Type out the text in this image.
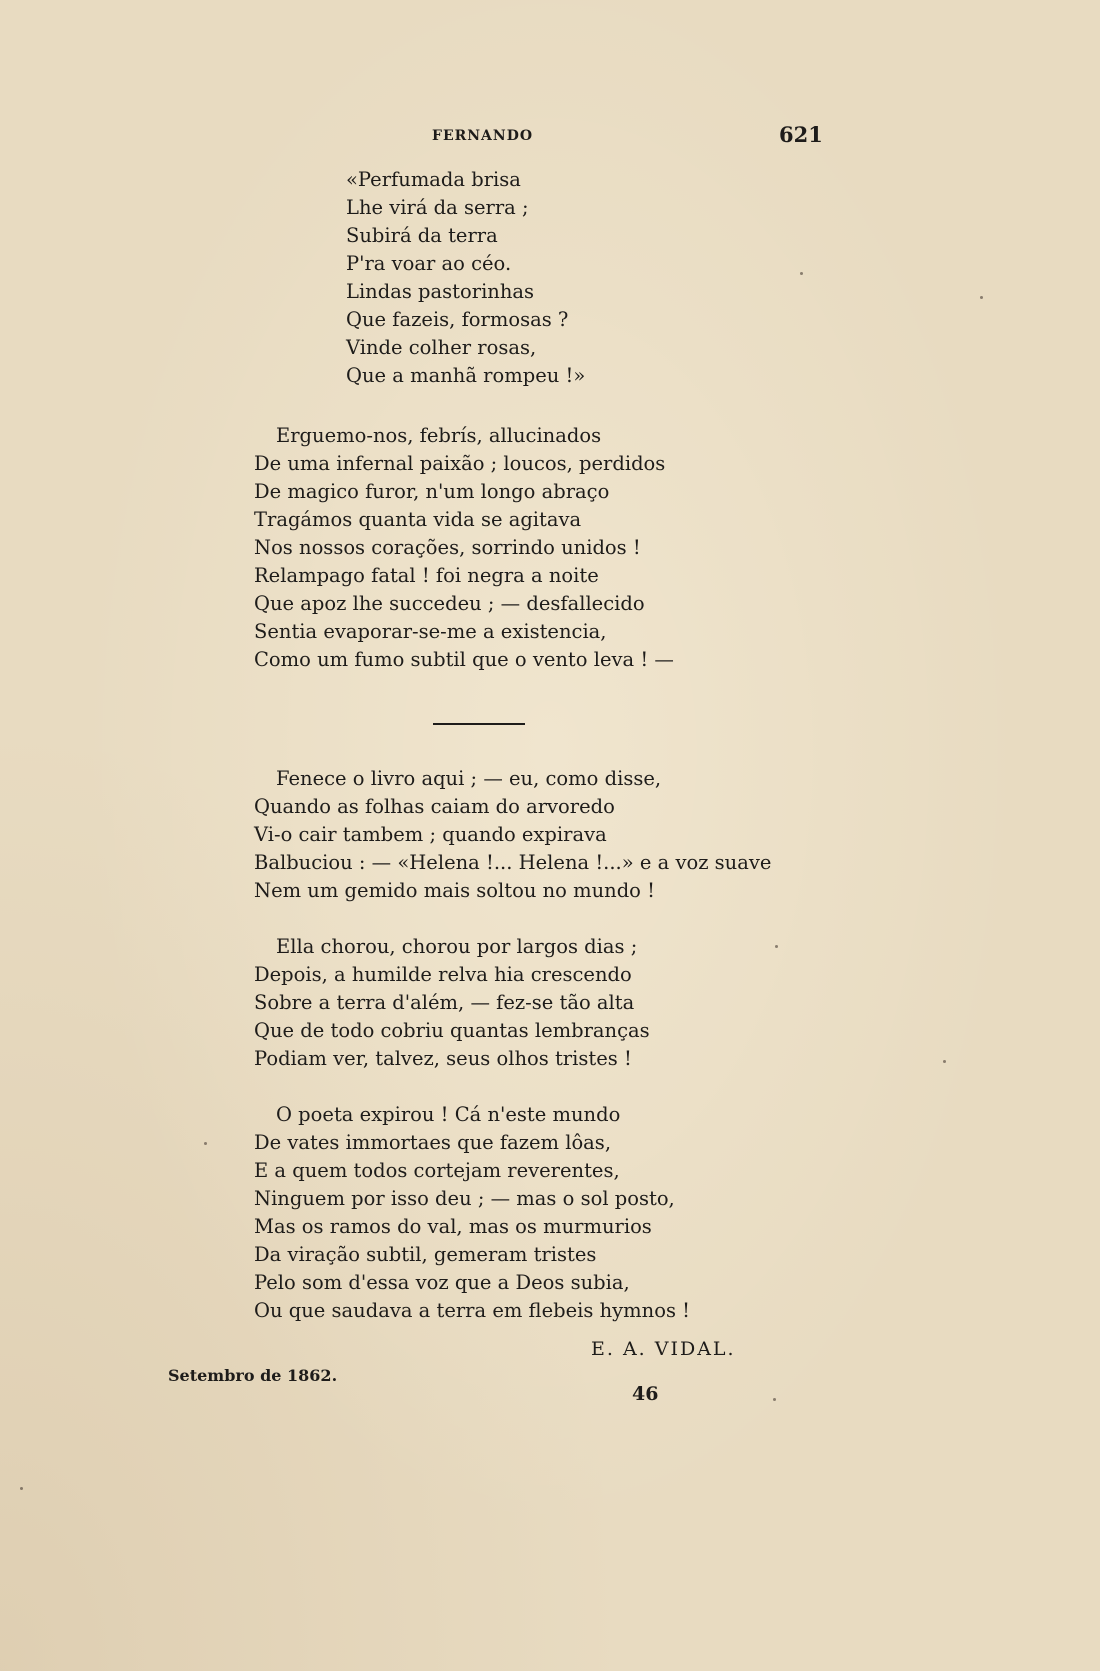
FERNANDO	621
«Perfumada brisa
Lhe virá da serra ;
Subirá da terra
P'ra voar ao céo.
Lindas pastorinhas
Que fazeis, formosas ?
Vinde colher rosas,
Que a manhã rompeu !»
Erguemo-nos, febrís, allucinados
De uma infernal paixão ; loucos, perdidos
De magico furor, n'um longo abraço
Tragámos quanta vida se agitava
Nos nossos corações, sorrindo unidos !
Relampago fatal ! foi negra a noite
Que apoz lhe succedeu ; — desfallecido
Sentia evaporar-se-me a existencia,
Como um fumo subtil que o vento leva ! —
Fenece o livro aqui ; — eu, como disse,
Quando as folhas caiam do arvoredo
Vi-o cair tambem ; quando expirava
Balbuciou : — «Helena !... Helena !...» e a voz suave
Nem um gemido mais soltou no mundo !
Ella chorou, chorou por largos dias ;
Depois, a humilde relva hia crescendo
Sobre a terra d'além, — fez-se tão alta
Que de todo cobriu quantas lembranças
Podiam ver, talvez, seus olhos tristes !
O poeta expirou ! Cá n'este mundo
De vates immortaes que fazem lôas,
E a quem todos cortejam reverentes,
Ninguem por isso deu ; — mas o sol posto,
Mas os ramos do val, mas os murmurios
Da viração subtil, gemeram tristes
Pelo som d'essa voz que a Deos subia,
Ou que saudava a terra em flebeis hymnos !
E. A. VIDAL.
Setembro de 1862.
46
